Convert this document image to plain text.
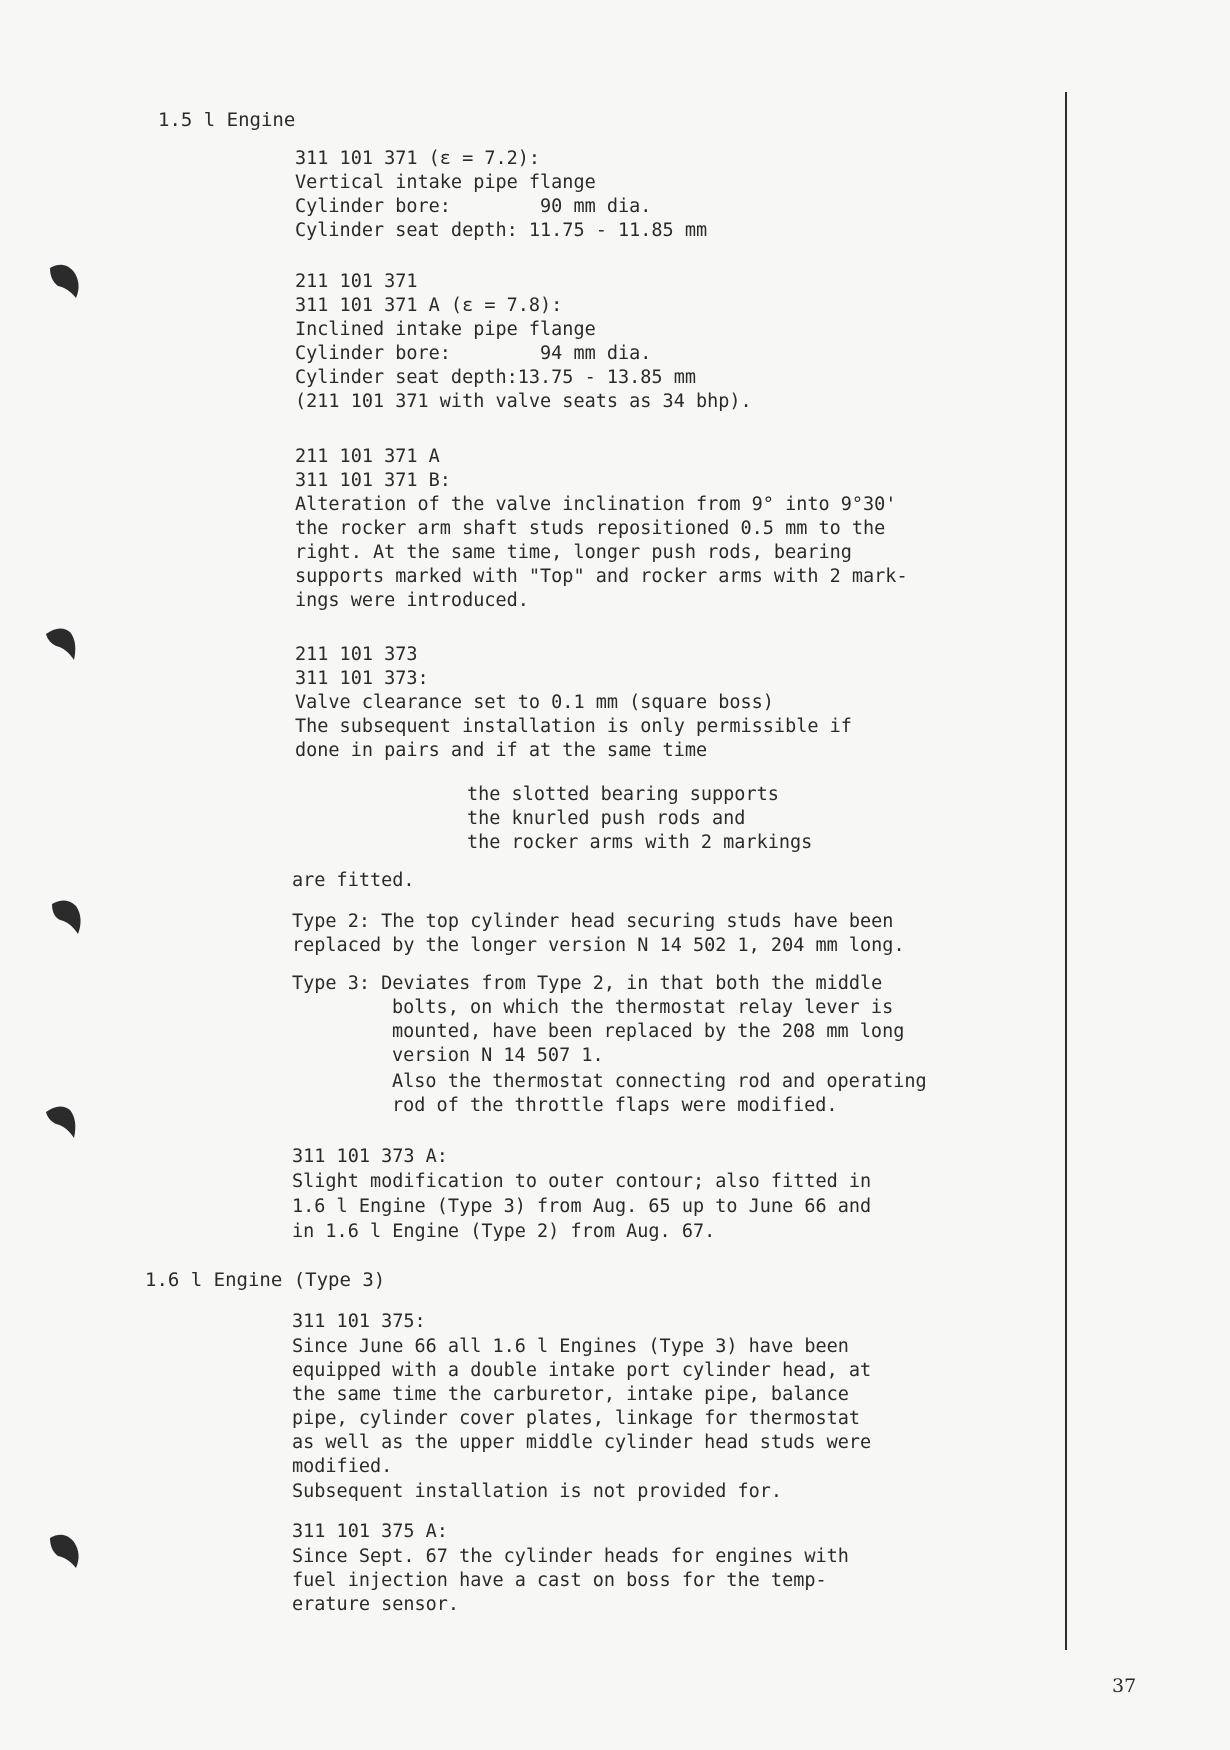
1.5 l Engine
311 101 371 (ε = 7.2):
Vertical intake pipe flange
Cylinder bore:        90 mm dia.
Cylinder seat depth: 11.75 - 11.85 mm
211 101 371
311 101 371 A (ε = 7.8):
Inclined intake pipe flange
Cylinder bore:        94 mm dia.
Cylinder seat depth:13.75 - 13.85 mm
(211 101 371 with valve seats as 34 bhp).
211 101 371 A
311 101 371 B:
Alteration of the valve inclination from 9° into 9°30'
the rocker arm shaft studs repositioned 0.5 mm to the
right. At the same time, longer push rods, bearing
supports marked with "Top" and rocker arms with 2 mark-
ings were introduced.
211 101 373
311 101 373:
Valve clearance set to 0.1 mm (square boss)
The subsequent installation is only permissible if
done in pairs and if at the same time
the slotted bearing supports
the knurled push rods and
the rocker arms with 2 markings
are fitted.
Type 2: The top cylinder head securing studs have been
replaced by the longer version N 14 502 1, 204 mm long.
Type 3: Deviates from Type 2, in that both the middle
bolts, on which the thermostat relay lever is
mounted, have been replaced by the 208 mm long
version N 14 507 1.
Also the thermostat connecting rod and operating
rod of the throttle flaps were modified.
311 101 373 A:
Slight modification to outer contour; also fitted in
1.6 l Engine (Type 3) from Aug. 65 up to June 66 and
in 1.6 l Engine (Type 2) from Aug. 67.
1.6 l Engine (Type 3)
311 101 375:
Since June 66 all 1.6 l Engines (Type 3) have been
equipped with a double intake port cylinder head, at
the same time the carburetor, intake pipe, balance
pipe, cylinder cover plates, linkage for thermostat
as well as the upper middle cylinder head studs were
modified.
Subsequent installation is not provided for.
311 101 375 A:
Since Sept. 67 the cylinder heads for engines with
fuel injection have a cast on boss for the temp-
erature sensor.
37
